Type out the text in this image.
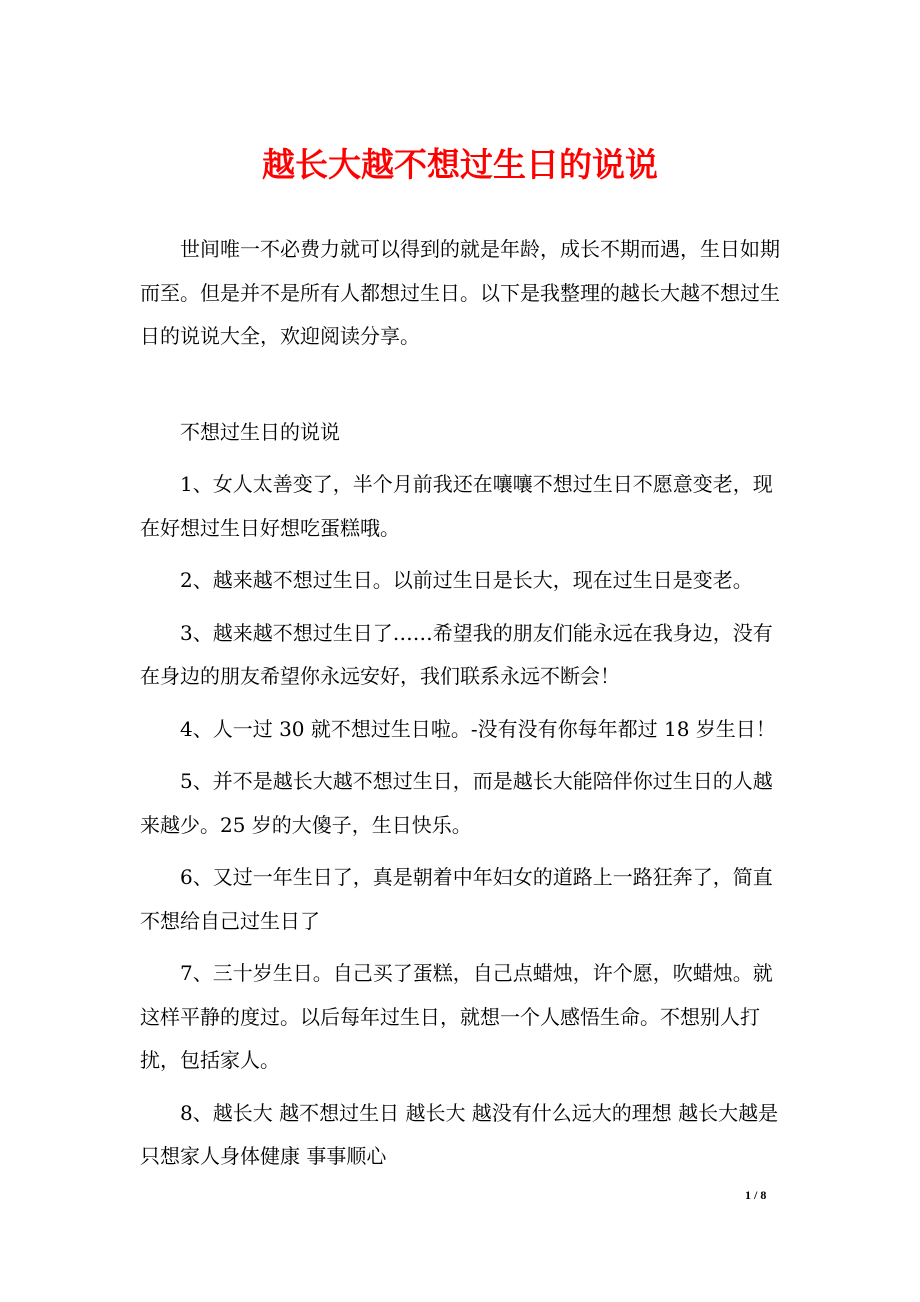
越长大越不想过生日的说说

世间唯一不必费力就可以得到的就是年龄，成长不期而遇，生日如期而至。但是并不是所有人都想过生日。以下是我整理的越长大越不想过生日的说说大全，欢迎阅读分享。

不想过生日的说说

1、女人太善变了，半个月前我还在嚷嚷不想过生日不愿意变老，现在好想过生日好想吃蛋糕哦。

2、越来越不想过生日。以前过生日是长大，现在过生日是变老。

3、越来越不想过生日了……希望我的朋友们能永远在我身边，没有在身边的朋友希望你永远安好，我们联系永远不断会！

4、人一过 30 就不想过生日啦。-没有没有你每年都过 18 岁生日！

5、并不是越长大越不想过生日，而是越长大能陪伴你过生日的人越来越少。25 岁的大傻子，生日快乐。

6、又过一年生日了，真是朝着中年妇女的道路上一路狂奔了，简直不想给自己过生日了

7、三十岁生日。自己买了蛋糕，自己点蜡烛，许个愿，吹蜡烛。就这样平静的度过。以后每年过生日，就想一个人感悟生命。不想别人打扰，包括家人。

8、越长大 越不想过生日 越长大 越没有什么远大的理想 越长大越是只想家人身体健康 事事顺心

1 / 8
